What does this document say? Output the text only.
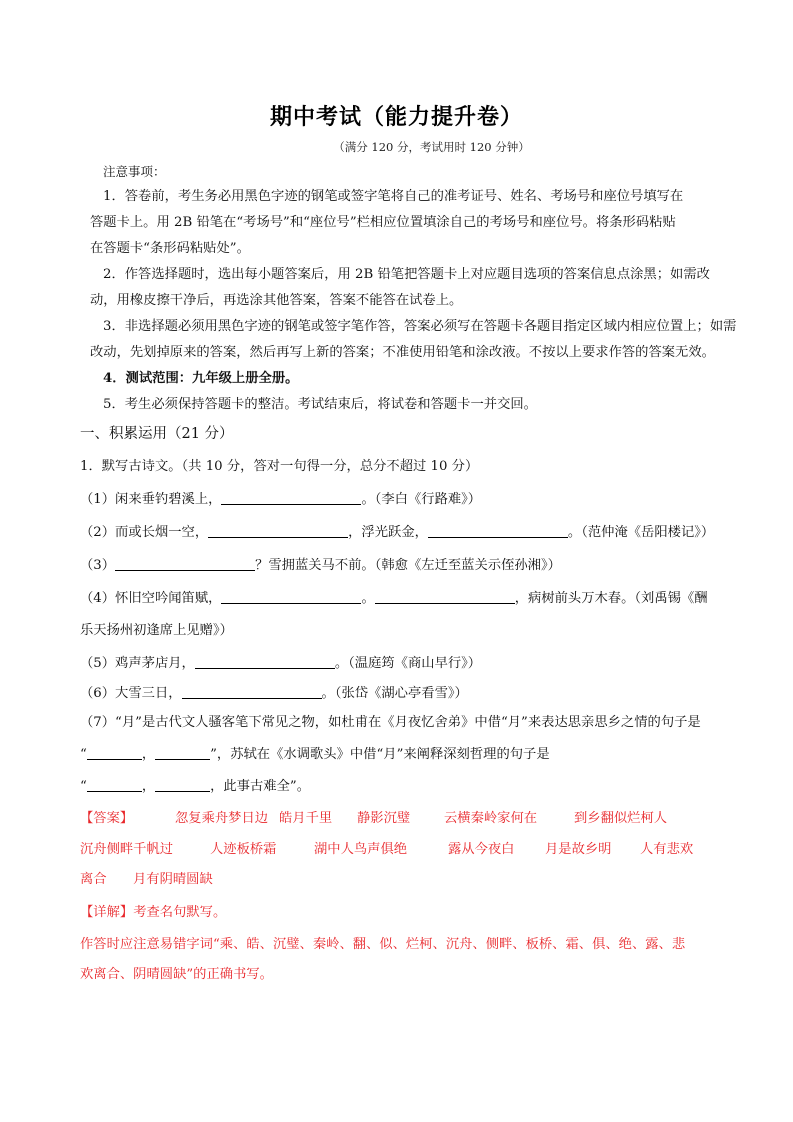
期中考试（能力提升卷）
（满分 120 分，考试用时 120 分钟）
注意事项：
1．答卷前，考生务必用黑色字迹的钢笔或签字笔将自己的准考证号、姓名、考场号和座位号填写在
答题卡上。用 2B 铅笔在“考场号”和“座位号”栏相应位置填涂自己的考场号和座位号。将条形码粘贴
在答题卡“条形码粘贴处”。
2．作答选择题时，选出每小题答案后，用 2B 铅笔把答题卡上对应题目选项的答案信息点涂黑；如需改
动，用橡皮擦干净后，再选涂其他答案，答案不能答在试卷上。
3．非选择题必须用黑色字迹的钢笔或签字笔作答，答案必须写在答题卡各题目指定区域内相应位置上；如需
改动，先划掉原来的答案，然后再写上新的答案；不准使用铅笔和涂改液。不按以上要求作答的答案无效。
4．测试范围：九年级上册全册。
5．考生必须保持答题卡的整洁。考试结束后，将试卷和答题卡一并交回。
一、积累运用（21 分）
1．默写古诗文。（共 10 分，答对一句得一分，总分不超过 10 分）
（1）闲来垂钓碧溪上，	。（李白《行路难》）
（2）而或长烟一空，	，浮光跃金，	。（范仲淹《岳阳楼记》）
（3）	？雪拥蓝关马不前。（韩愈《左迁至蓝关示侄孙湘》）
（4）怀旧空吟闻笛赋，	。	，病树前头万木春。（刘禹锡《酬
乐天扬州初逢席上见赠》）
（5）鸡声茅店月，	。（温庭筠《商山早行》）
（6）大雪三日，	。（张岱《湖心亭看雪》）
（7）“月”是古代文人骚客笔下常见之物，如杜甫在《月夜忆舍弟》中借“月”来表达思亲思乡之情的句子是
“	，	”，苏轼在《水调歌头》中借“月”来阐释深刻哲理的句子是
“	，	，此事古难全”。
【答案】	忽复乘舟梦日边 皓月千里 静影沉璧	云横秦岭家何在	到乡翻似烂柯人
沉舟侧畔千帆过	人迹板桥霜	湖中人鸟声俱绝	露从今夜白 月是故乡明 人有悲欢
离合 月有阴晴圆缺
【详解】考查名句默写。
作答时应注意易错字词“乘、皓、沉璧、秦岭、翻、似、烂柯、沉舟、侧畔、板桥、霜、俱、绝、露、悲
欢离合、阴晴圆缺”的正确书写。
